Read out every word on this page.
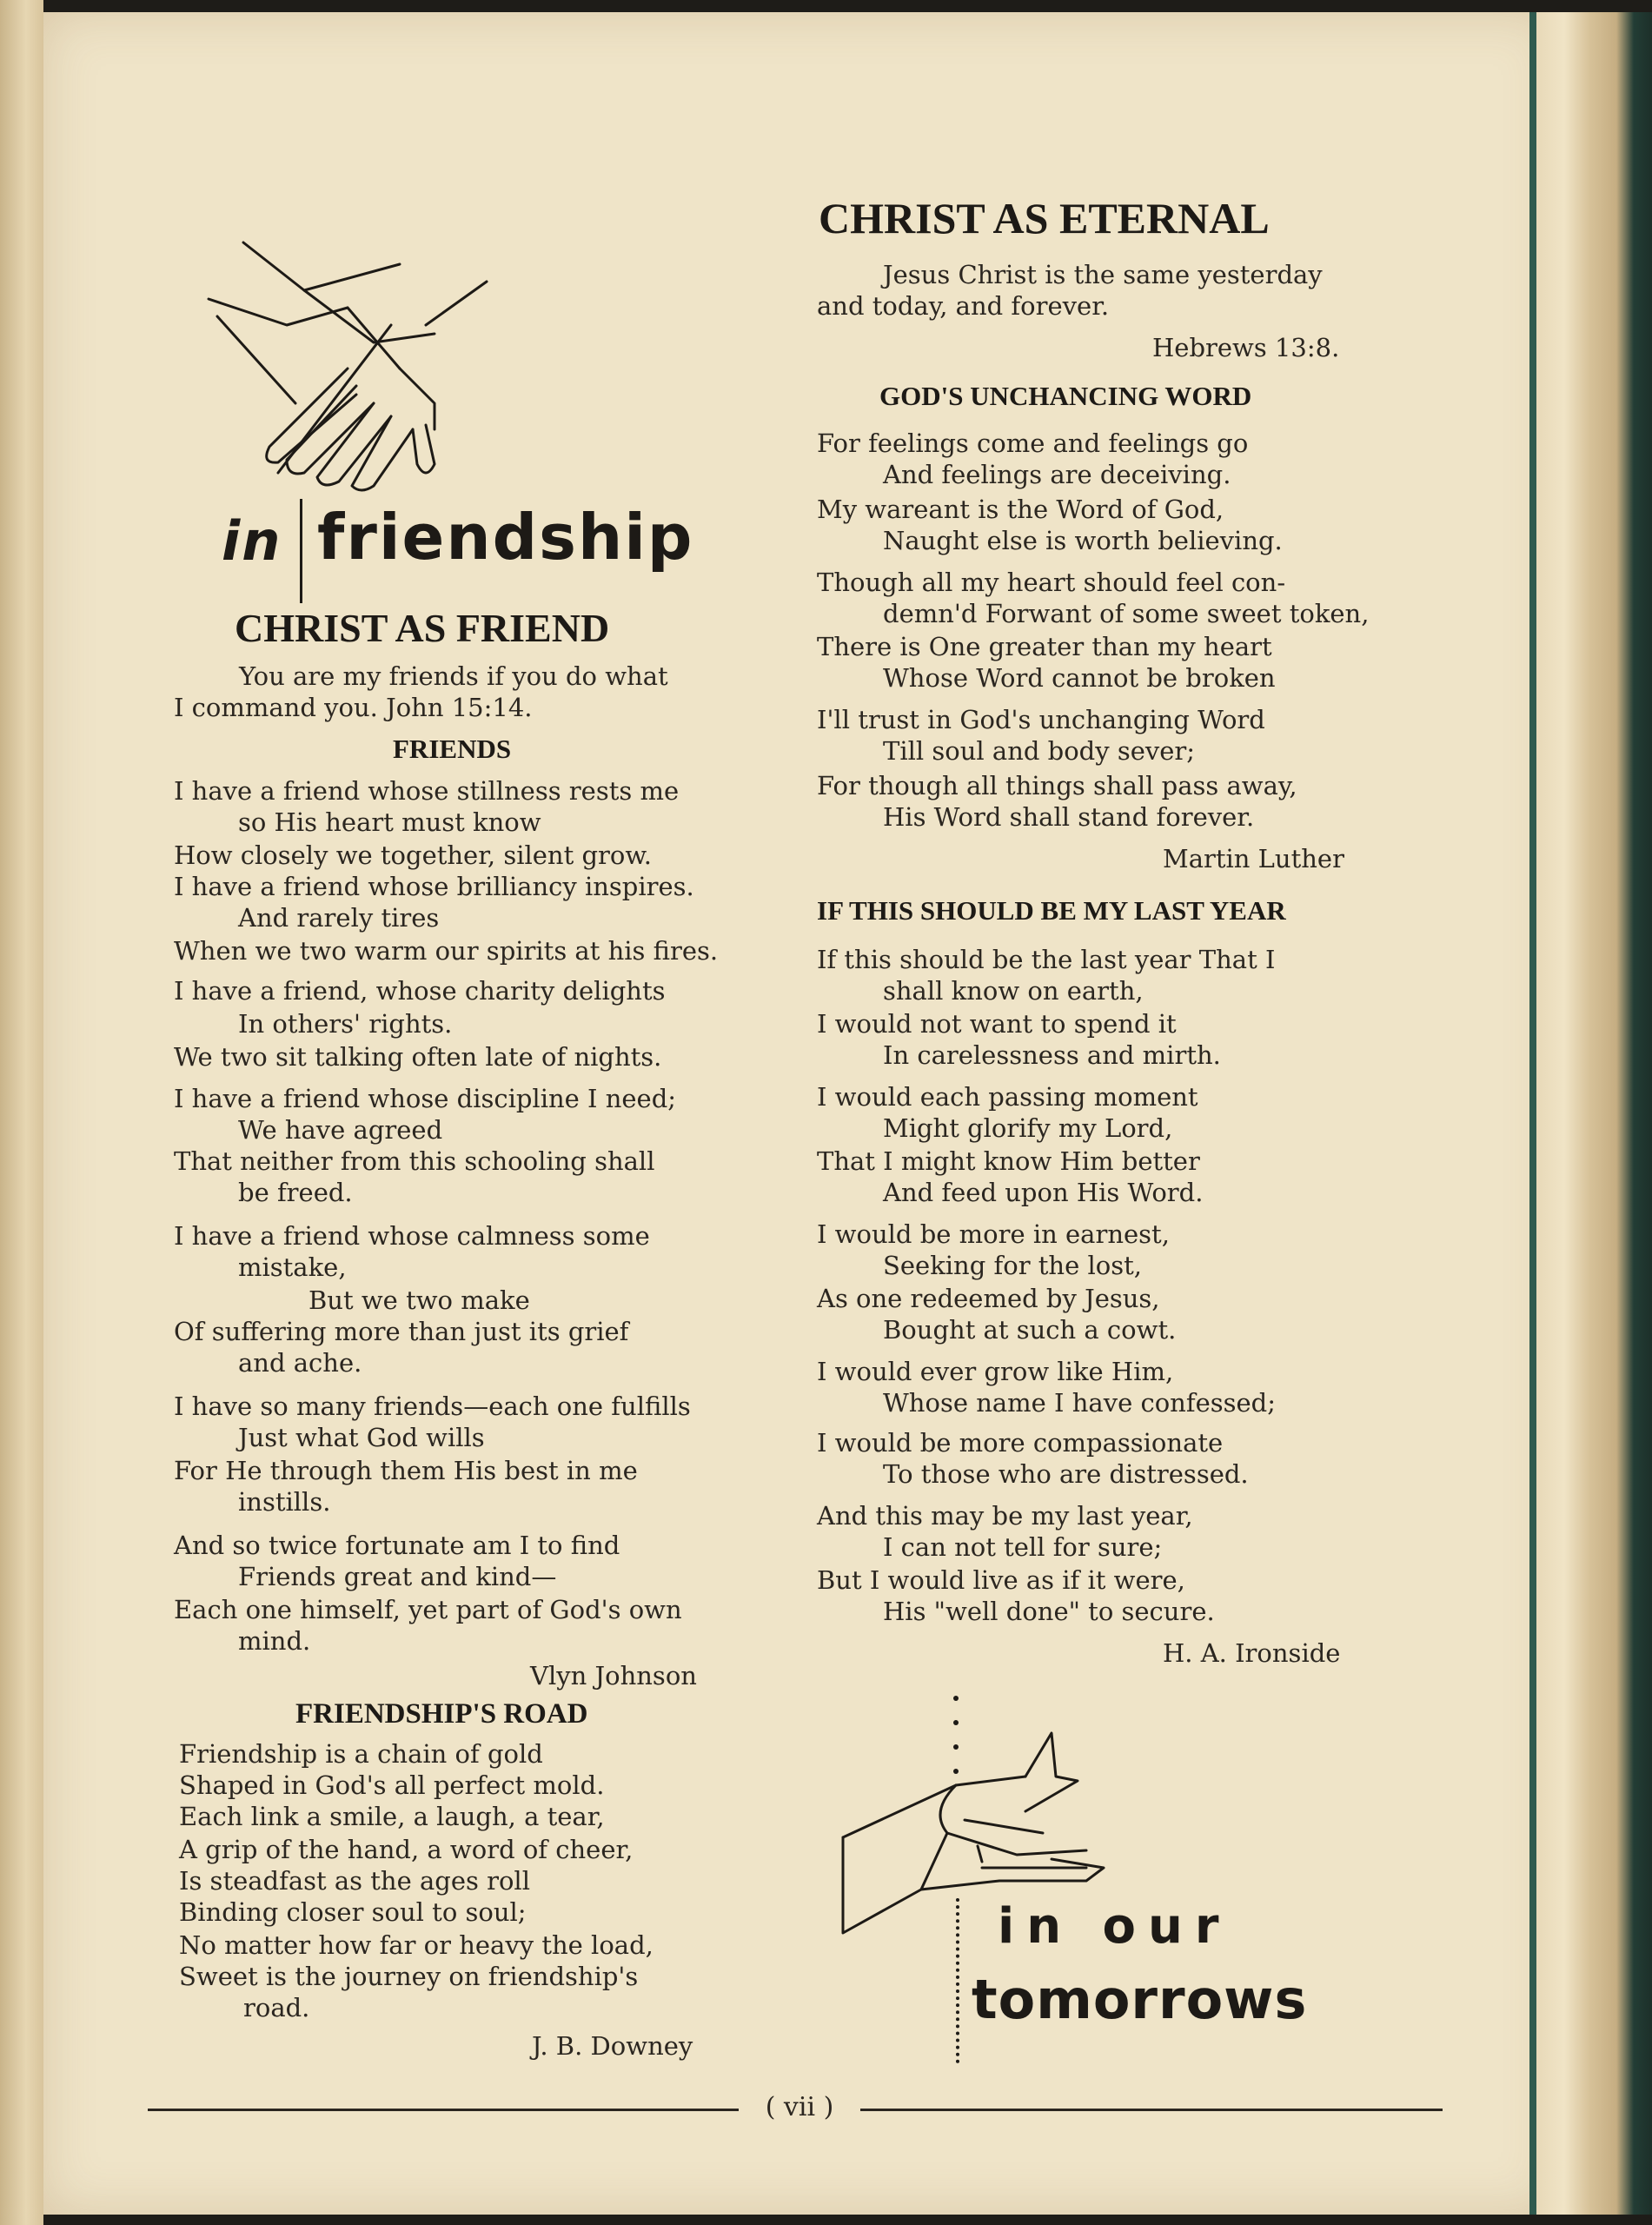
in friendship
CHRIST AS FRIEND
You are my friends if you do what
I command you. John 15:14.
FRIENDS
I have a friend whose stillness rests me
so His heart must know
How closely we together, silent grow.
I have a friend whose brilliancy inspires.
And rarely tires
When we two warm our spirits at his fires.
I have a friend, whose charity delights
In others' rights.
We two sit talking often late of nights.
I have a friend whose discipline I need;
We have agreed
That neither from this schooling shall
be freed.
I have a friend whose calmness some
mistake,
But we two make
Of suffering more than just its grief
and ache.
I have so many friends—each one fulfills
Just what God wills
For He through them His best in me
instills.
And so twice fortunate am I to find
Friends great and kind—
Each one himself, yet part of God's own
mind.
Vlyn Johnson
FRIENDSHIP'S ROAD
Friendship is a chain of gold
Shaped in God's all perfect mold.
Each link a smile, a laugh, a tear,
A grip of the hand, a word of cheer,
Is steadfast as the ages roll
Binding closer soul to soul;
No matter how far or heavy the load,
Sweet is the journey on friendship's
road.
J. B. Downey
CHRIST AS ETERNAL
Jesus Christ is the same yesterday
and today, and forever.
Hebrews 13:8.
GOD'S UNCHANCING WORD
For feelings come and feelings go
And feelings are deceiving.
My wareant is the Word of God,
Naught else is worth believing.
Though all my heart should feel con-
demn'd Forwant of some sweet token,
There is One greater than my heart
Whose Word cannot be broken
I'll trust in God's unchanging Word
Till soul and body sever;
For though all things shall pass away,
His Word shall stand forever.
Martin Luther
IF THIS SHOULD BE MY LAST YEAR
If this should be the last year That I
shall know on earth,
I would not want to spend it
In carelessness and mirth.
I would each passing moment
Might glorify my Lord,
That I might know Him better
And feed upon His Word.
I would be more in earnest,
Seeking for the lost,
As one redeemed by Jesus,
Bought at such a cowt.
I would ever grow like Him,
Whose name I have confessed;
I would be more compassionate
To those who are distressed.
And this may be my last year,
I can not tell for sure;
But I would live as if it were,
His "well done" to secure.
H. A. Ironside
in our
tomorrows
( vii )
